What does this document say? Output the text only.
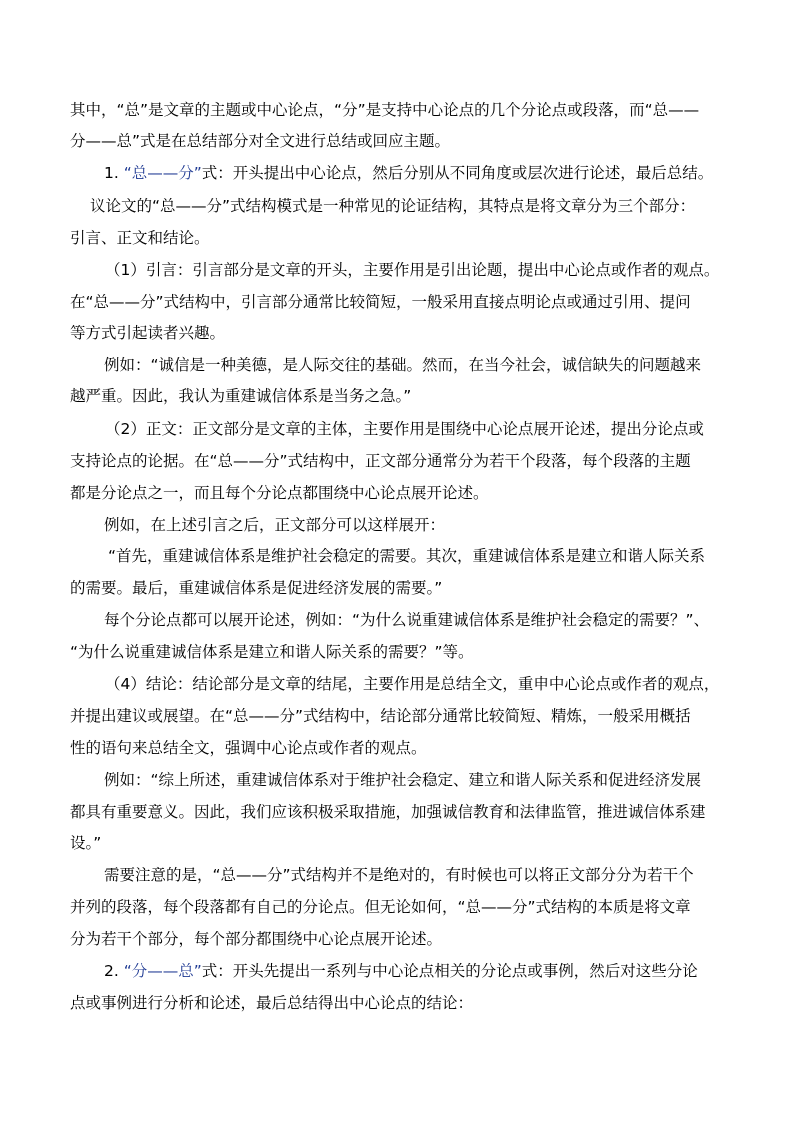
其中，“总”是文章的主题或中心论点，“分”是支持中心论点的几个分论点或段落，而“总——
分——总”式是在总结部分对全文进行总结或回应主题。
1. “总——分”式：开头提出中心论点，然后分别从不同角度或层次进行论述，最后总结。
议论文的“总——分”式结构模式是一种常见的论证结构，其特点是将文章分为三个部分：
引言、正文和结论。
（1）引言：引言部分是文章的开头，主要作用是引出论题，提出中心论点或作者的观点。
在“总——分”式结构中，引言部分通常比较简短，一般采用直接点明论点或通过引用、提问
等方式引起读者兴趣。
例如：“诚信是一种美德，是人际交往的基础。然而，在当今社会，诚信缺失的问题越来
越严重。因此，我认为重建诚信体系是当务之急。”
（2）正文：正文部分是文章的主体，主要作用是围绕中心论点展开论述，提出分论点或
支持论点的论据。在“总——分”式结构中，正文部分通常分为若干个段落，每个段落的主题
都是分论点之一，而且每个分论点都围绕中心论点展开论述。
例如，在上述引言之后，正文部分可以这样展开：
“首先，重建诚信体系是维护社会稳定的需要。其次，重建诚信体系是建立和谐人际关系
的需要。最后，重建诚信体系是促进经济发展的需要。”
每个分论点都可以展开论述，例如：“为什么说重建诚信体系是维护社会稳定的需要？”、
“为什么说重建诚信体系是建立和谐人际关系的需要？”等。
（4）结论：结论部分是文章的结尾，主要作用是总结全文，重申中心论点或作者的观点，
并提出建议或展望。在“总——分”式结构中，结论部分通常比较简短、精炼，一般采用概括
性的语句来总结全文，强调中心论点或作者的观点。
例如：“综上所述，重建诚信体系对于维护社会稳定、建立和谐人际关系和促进经济发展
都具有重要意义。因此，我们应该积极采取措施，加强诚信教育和法律监管，推进诚信体系建
设。”
需要注意的是，“总——分”式结构并不是绝对的，有时候也可以将正文部分分为若干个
并列的段落，每个段落都有自己的分论点。但无论如何，“总——分”式结构的本质是将文章
分为若干个部分，每个部分都围绕中心论点展开论述。
2. “分——总”式：开头先提出一系列与中心论点相关的分论点或事例，然后对这些分论
点或事例进行分析和论述，最后总结得出中心论点的结论：
